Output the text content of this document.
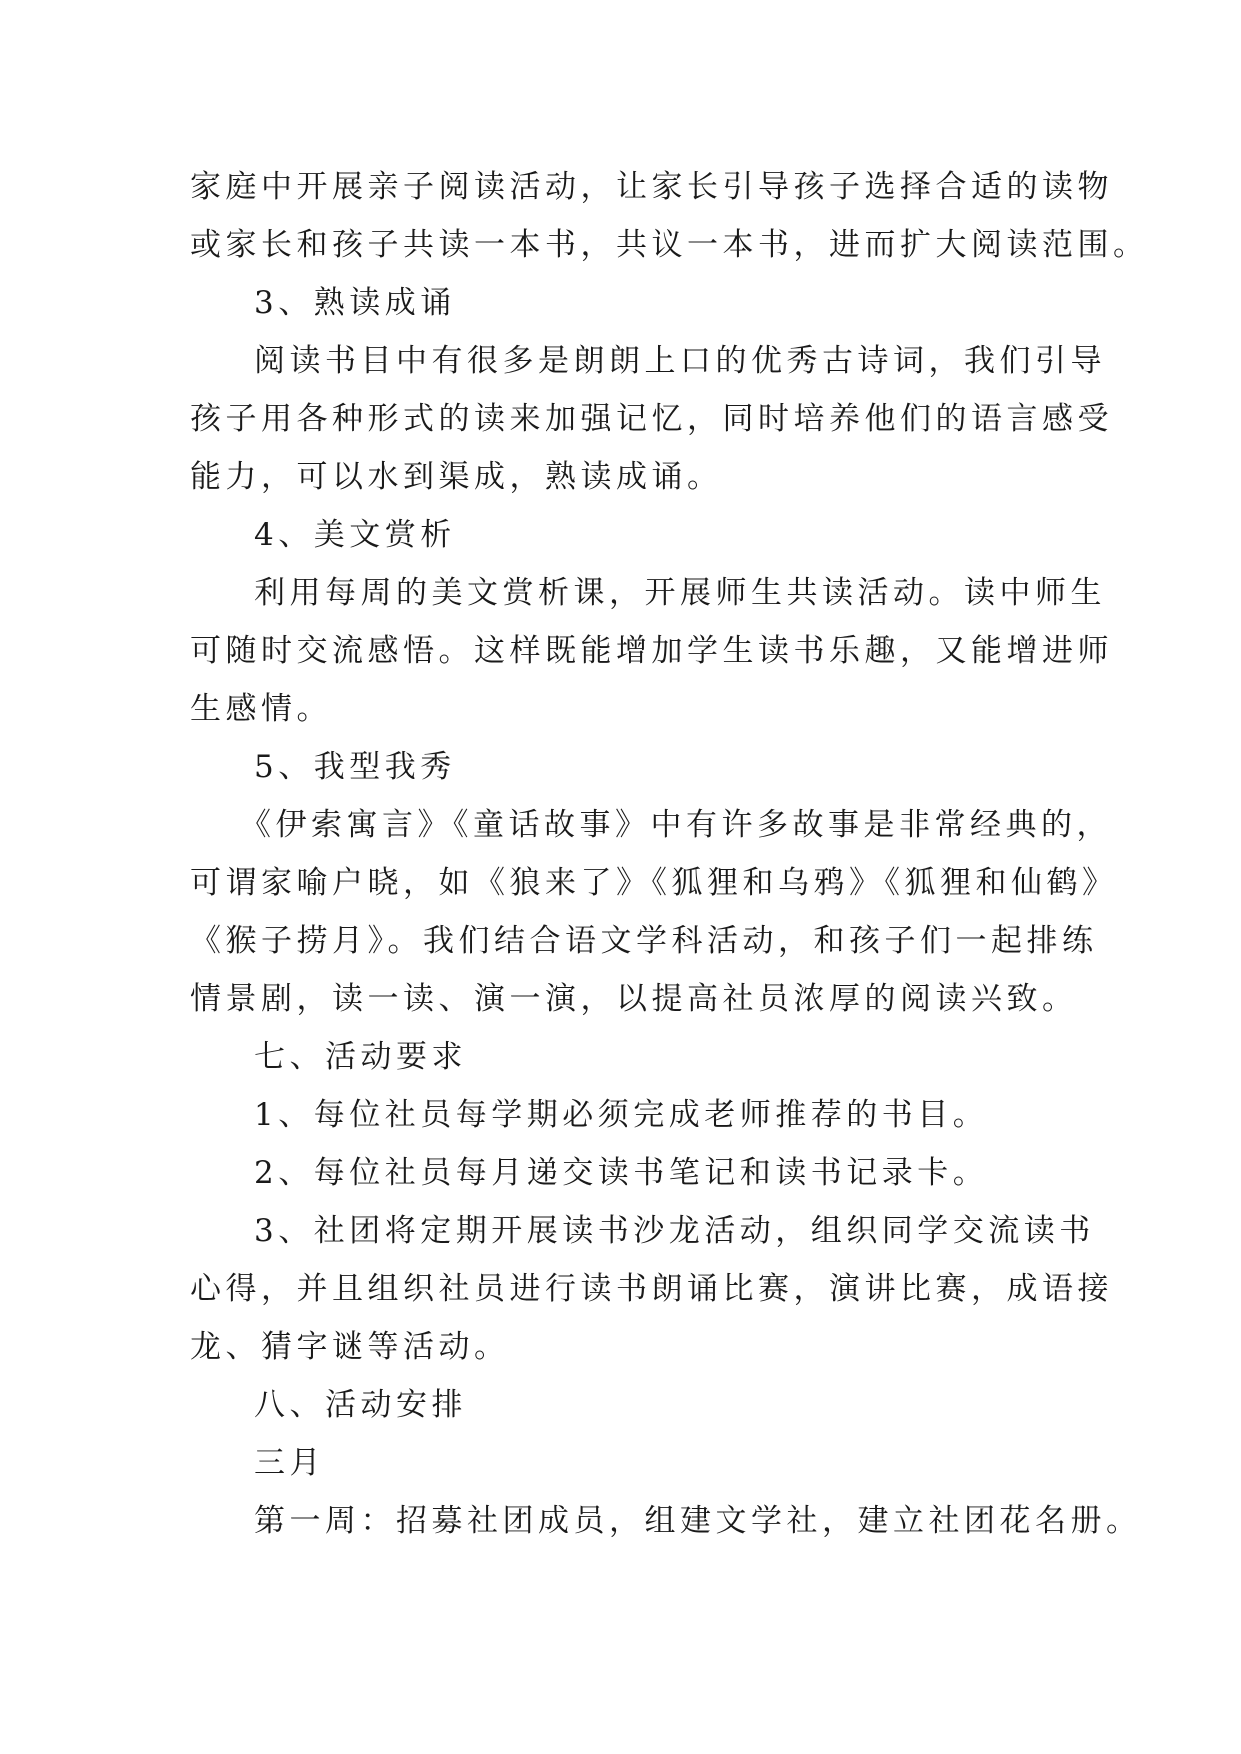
家庭中开展亲子阅读活动，让家长引导孩子选择合适的读物

或家长和孩子共读一本书，共议一本书，进而扩大阅读范围。

3、熟读成诵

阅读书目中有很多是朗朗上口的优秀古诗词，我们引导

孩子用各种形式的读来加强记忆，同时培养他们的语言感受

能力，可以水到渠成，熟读成诵。

4、美文赏析

利用每周的美文赏析课，开展师生共读活动。读中师生

可随时交流感悟。这样既能增加学生读书乐趣，又能增进师

生感情。

5、我型我秀

《伊索寓言》《童话故事》中有许多故事是非常经典的，

可谓家喻户晓，如《狼来了》《狐狸和乌鸦》《狐狸和仙鹤》

《猴子捞月》。我们结合语文学科活动，和孩子们一起排练

情景剧，读一读、演一演，以提高社员浓厚的阅读兴致。

七、活动要求

1、每位社员每学期必须完成老师推荐的书目。

2、每位社员每月递交读书笔记和读书记录卡。

3、社团将定期开展读书沙龙活动，组织同学交流读书

心得，并且组织社员进行读书朗诵比赛，演讲比赛，成语接

龙、猜字谜等活动。

八、活动安排

三月

第一周：招募社团成员，组建文学社，建立社团花名册。
